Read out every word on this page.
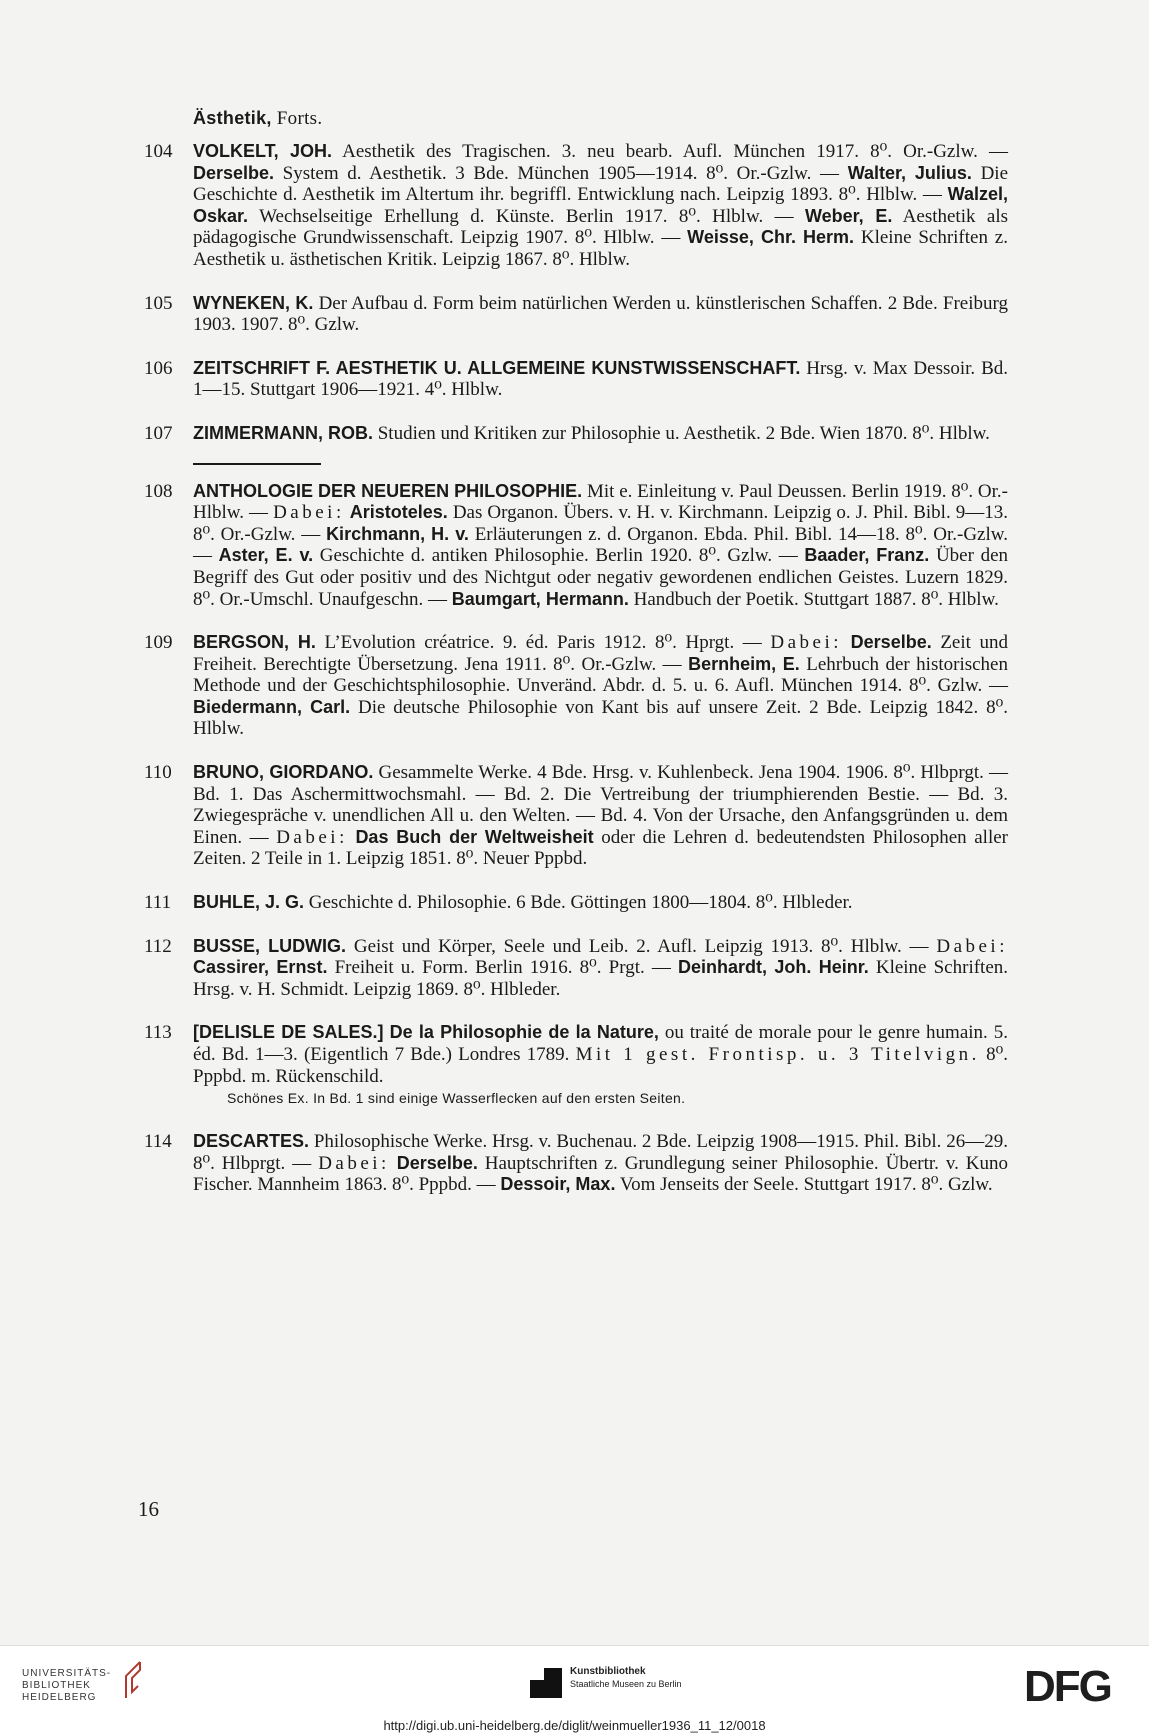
Ästhetik, Forts.
104 VOLKELT, JOH. Aesthetik des Tragischen. 3. neu bearb. Aufl. München 1917. 8⁰. Or.-Gzlw. — Derselbe. System d. Aesthetik. 3 Bde. München 1905—1914. 8⁰. Or.-Gzlw. — Walter, Julius. Die Geschichte d. Aesthetik im Altertum ihr. begriffl. Entwicklung nach. Leipzig 1893. 8⁰. Hlblw. — Walzel, Oskar. Wechselseitige Erhellung d. Künste. Berlin 1917. 8⁰. Hlblw. — Weber, E. Aesthetik als pädagogische Grundwissenschaft. Leipzig 1907. 8⁰. Hlblw. — Weisse, Chr. Herm. Kleine Schriften z. Aesthetik u. ästhetischen Kritik. Leipzig 1867. 8⁰. Hlblw.
105 WYNEKEN, K. Der Aufbau d. Form beim natürlichen Werden u. künstlerischen Schaffen. 2 Bde. Freiburg 1903. 1907. 8⁰. Gzlw.
106 ZEITSCHRIFT F. AESTHETIK U. ALLGEMEINE KUNSTWISSENSCHAFT. Hrsg. v. Max Dessoir. Bd. 1—15. Stuttgart 1906—1921. 4⁰. Hlblw.
107 ZIMMERMANN, ROB. Studien und Kritiken zur Philosophie u. Aesthetik. 2 Bde. Wien 1870. 8⁰. Hlblw.
108 ANTHOLOGIE DER NEUEREN PHILOSOPHIE. Mit e. Einleitung v. Paul Deussen. Berlin 1919. 8⁰. Or.-Hlblw. — Dabei: Aristoteles. Das Organon. Übers. v. H. v. Kirchmann. Leipzig o. J. Phil. Bibl. 9—13. 8⁰. Or.-Gzlw. — Kirchmann, H. v. Erläuterungen z. d. Organon. Ebda. Phil. Bibl. 14—18. 8⁰. Or.-Gzlw. — Aster, E. v. Geschichte d. antiken Philosophie. Berlin 1920. 8⁰. Gzlw. — Baader, Franz. Über den Begriff des Gut oder positiv und des Nichtgut oder negativ gewordenen endlichen Geistes. Luzern 1829. 8⁰. Or.-Umschl. Unaufgeschn. — Baumgart, Hermann. Handbuch der Poetik. Stuttgart 1887. 8⁰. Hlblw.
109 BERGSON, H. L’Evolution créatrice. 9. éd. Paris 1912. 8⁰. Hprgt. — Dabei: Derselbe. Zeit und Freiheit. Berechtigte Übersetzung. Jena 1911. 8⁰. Or.-Gzlw. — Bernheim, E. Lehrbuch der historischen Methode und der Geschichtsphilosophie. Unveränd. Abdr. d. 5. u. 6. Aufl. München 1914. 8⁰. Gzlw. — Biedermann, Carl. Die deutsche Philosophie von Kant bis auf unsere Zeit. 2 Bde. Leipzig 1842. 8⁰. Hlblw.
110 BRUNO, GIORDANO. Gesammelte Werke. 4 Bde. Hrsg. v. Kuhlenbeck. Jena 1904. 1906. 8⁰. Hlbprgt. — Bd. 1. Das Aschermittwochsmahl. — Bd. 2. Die Vertreibung der triumphierenden Bestie. — Bd. 3. Zwiegespräche v. unendlichen All u. den Welten. — Bd. 4. Von der Ursache, den Anfangsgründen u. dem Einen. — Dabei: Das Buch der Weltweisheit oder die Lehren d. bedeutendsten Philosophen aller Zeiten. 2 Teile in 1. Leipzig 1851. 8⁰. Neuer Pppbd.
111 BUHLE, J. G. Geschichte d. Philosophie. 6 Bde. Göttingen 1800—1804. 8⁰. Hlbleder.
112 BUSSE, LUDWIG. Geist und Körper, Seele und Leib. 2. Aufl. Leipzig 1913. 8⁰. Hlblw. — Dabei: Cassirer, Ernst. Freiheit u. Form. Berlin 1916. 8⁰. Prgt. — Deinhardt, Joh. Heinr. Kleine Schriften. Hrsg. v. H. Schmidt. Leipzig 1869. 8⁰. Hlbleder.
113 [DELISLE DE SALES.] De la Philosophie de la Nature, ou traité de morale pour le genre humain. 5. éd. Bd. 1—3. (Eigentlich 7 Bde.) Londres 1789. Mit 1 gest. Frontisp. u. 3 Titelvign. 8⁰. Pppbd. m. Rückenschild.
Schönes Ex. In Bd. 1 sind einige Wasserflecken auf den ersten Seiten.
114 DESCARTES. Philosophische Werke. Hrsg. v. Buchenau. 2 Bde. Leipzig 1908—1915. Phil. Bibl. 26—29. 8⁰. Hlbprgt. — Dabei: Derselbe. Hauptschriften z. Grundlegung seiner Philosophie. Übertr. v. Kuno Fischer. Mannheim 1863. 8⁰. Pppbd. — Dessoir, Max. Vom Jenseits der Seele. Stuttgart 1917. 8⁰. Gzlw.
16
UNIVERSITÄTS-
BIBLIOTHEK
HEIDELBERG
Kunstbibliothek
Staatliche Museen zu Berlin	DFG
http://digi.ub.uni-heidelberg.de/diglit/weinmueller1936_11_12/0018
